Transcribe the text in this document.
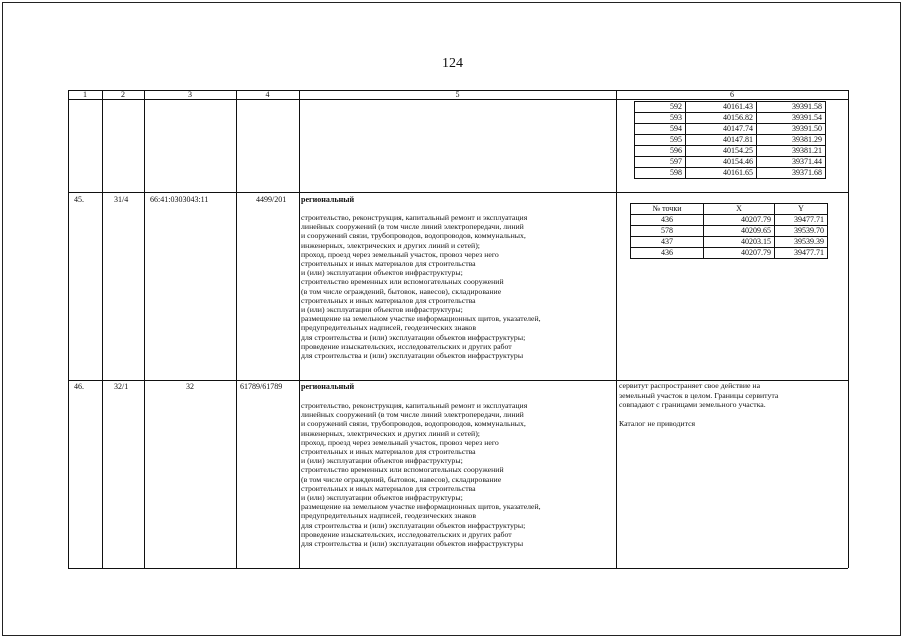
124
1	2	3	4	5	6
592	40161.43	39391.58
593	40156.82	39391.54
594	40147.74	39391.50
595	40147.81	39381.29
596	40154.25	39381.21
597	40154.46	39371.44
598	40161.65	39371.68
45.	31/4	66:41:0303043:11	4499/201 региональный
строительство, реконструкция, капитальный ремонт и эксплуатация
линейных сооружений (в том числе линий электропередачи, линий
и сооружений связи, трубопроводов, водопроводов, коммунальных,
инженерных, электрических и других линий и сетей);
проход, проезд через земельный участок, провоз через него
строительных и иных материалов для строительства
и (или) эксплуатации объектов инфраструктуры;
строительство временных или вспомогательных сооружений
(в том числе ограждений, бытовок, навесов), складирование
строительных и иных материалов для строительства
и (или) эксплуатации объектов инфраструктуры;
размещение на земельном участке информационных щитов, указателей,
предупредительных надписей, геодезических знаков
для строительства и (или) эксплуатации объектов инфраструктуры;
проведение изыскательских, исследовательских и других работ
для строительства и (или) эксплуатации объектов инфраструктуры
№ точки	X	Y
436	40207.79	39477.71
578	40209.65	39539.70
437	40203.15	39539.39
436	40207.79	39477.71
46.	32/1	32	61789/61789 региональный
строительство, реконструкция, капитальный ремонт и эксплуатация
линейных сооружений (в том числе линий электропередачи, линий
и сооружений связи, трубопроводов, водопроводов, коммунальных,
инженерных, электрических и других линий и сетей);
проход, проезд через земельный участок, провоз через него
строительных и иных материалов для строительства
и (или) эксплуатации объектов инфраструктуры;
строительство временных или вспомогательных сооружений
(в том числе ограждений, бытовок, навесов), складирование
строительных и иных материалов для строительства
и (или) эксплуатации объектов инфраструктуры;
размещение на земельном участке информационных щитов, указателей,
предупредительных надписей, геодезических знаков
для строительства и (или) эксплуатации объектов инфраструктуры;
проведение изыскательских, исследовательских и других работ
для строительства и (или) эксплуатации объектов инфраструктуры
сервитут распространяет свое действие на
земельный участок в целом. Границы сервитута
совпадают с границами земельного участка.
Каталог не приводится
